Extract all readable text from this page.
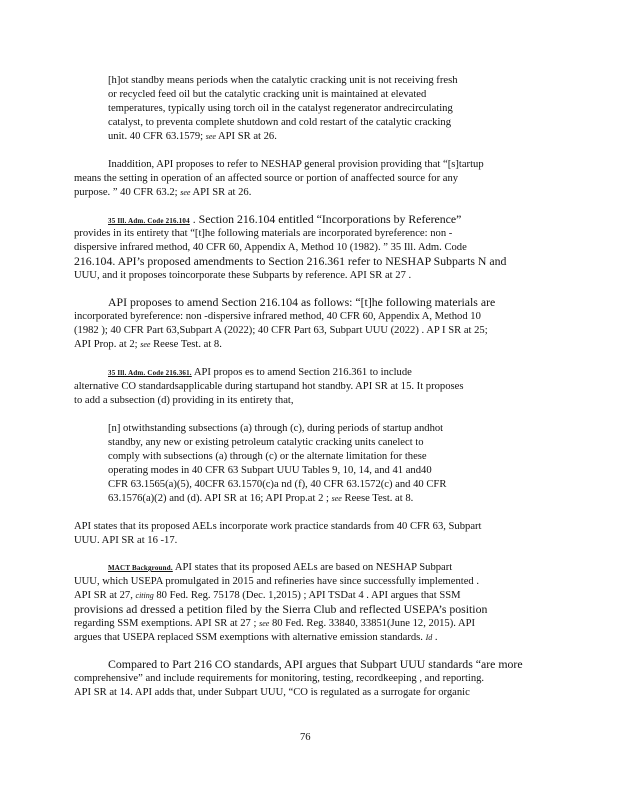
[h]ot standby means periods when the catalytic cracking unit is not receiving fresh
or recycled feed oil but the catalytic cracking unit is maintained at elevated
temperatures, typically using torch oil in the catalyst regenerator andrecirculating
catalyst, to preventa complete shutdown and cold restart of the catalytic cracking
unit. 40 CFR 63.1579; see API SR at 26.
Inaddition, API proposes to refer to NESHAP general provision providing that “[s]tartup
means the setting in operation of an affected source or portion of anaffected source for any
purpose. ” 40 CFR 63.2; see API SR at 26.
35 Ill. Adm. Code 216.104 . Section 216.104 entitled “Incorporations by Reference”
provides in its entirety that “[t]he following materials are incorporated byreference: non -
dispersive infrared method, 40 CFR 60, Appendix A, Method 10 (1982). ” 35 Ill. Adm. Code
216.104. API’s proposed amendments to Section 216.361 refer to NESHAP Subparts N and
UUU, and it proposes toincorporate these Subparts by reference. API SR at 27 .
API proposes to amend Section 216.104 as follows: “[t]he following materials are
incorporated byreference: non -dispersive infrared method, 40 CFR 60, Appendix A, Method 10
(1982 ); 40 CFR Part 63,Subpart A (2022); 40 CFR Part 63, Subpart UUU (2022) . AP I SR at 25;
API Prop. at 2; see Reese Test. at 8.
35 Ill. Adm. Code 216.361. API propos es to amend Section 216.361 to include
alternative CO standardsapplicable during startupand hot standby. API SR at 15. It proposes
to add a subsection (d) providing in its entirety that,
[n] otwithstanding subsections (a) through (c), during periods of startup andhot
standby, any new or existing petroleum catalytic cracking units canelect to
comply with subsections (a) through (c) or the alternate limitation for these
operating modes in 40 CFR 63 Subpart UUU Tables 9, 10, 14, and 41 and40
CFR 63.1565(a)(5), 40CFR 63.1570(c)a nd (f), 40 CFR 63.1572(c) and 40 CFR
63.1576(a)(2) and (d). API SR at 16; API Prop.at 2 ; see Reese Test. at 8.
API states that its proposed AELs incorporate work practice standards from 40 CFR 63, Subpart
UUU. API SR at 16 -17.
MACT Background. API states that its proposed AELs are based on NESHAP Subpart
UUU, which USEPA promulgated in 2015 and refineries have since successfully implemented .
API SR at 27, citing 80 Fed. Reg. 75178 (Dec. 1,2015) ; API TSDat 4 . API argues that SSM
provisions ad dressed a petition filed by the Sierra Club and reflected USEPA’s position
regarding SSM exemptions. API SR at 27 ; see 80 Fed. Reg. 33840, 33851(June 12, 2015). API
argues that USEPA replaced SSM exemptions with alternative emission standards. Id .
Compared to Part 216 CO standards, API argues that Subpart UUU standards “are more
comprehensive” and include requirements for monitoring, testing, recordkeeping , and reporting.
API SR at 14. API adds that, under Subpart UUU, “CO is regulated as a surrogate for organic
76
